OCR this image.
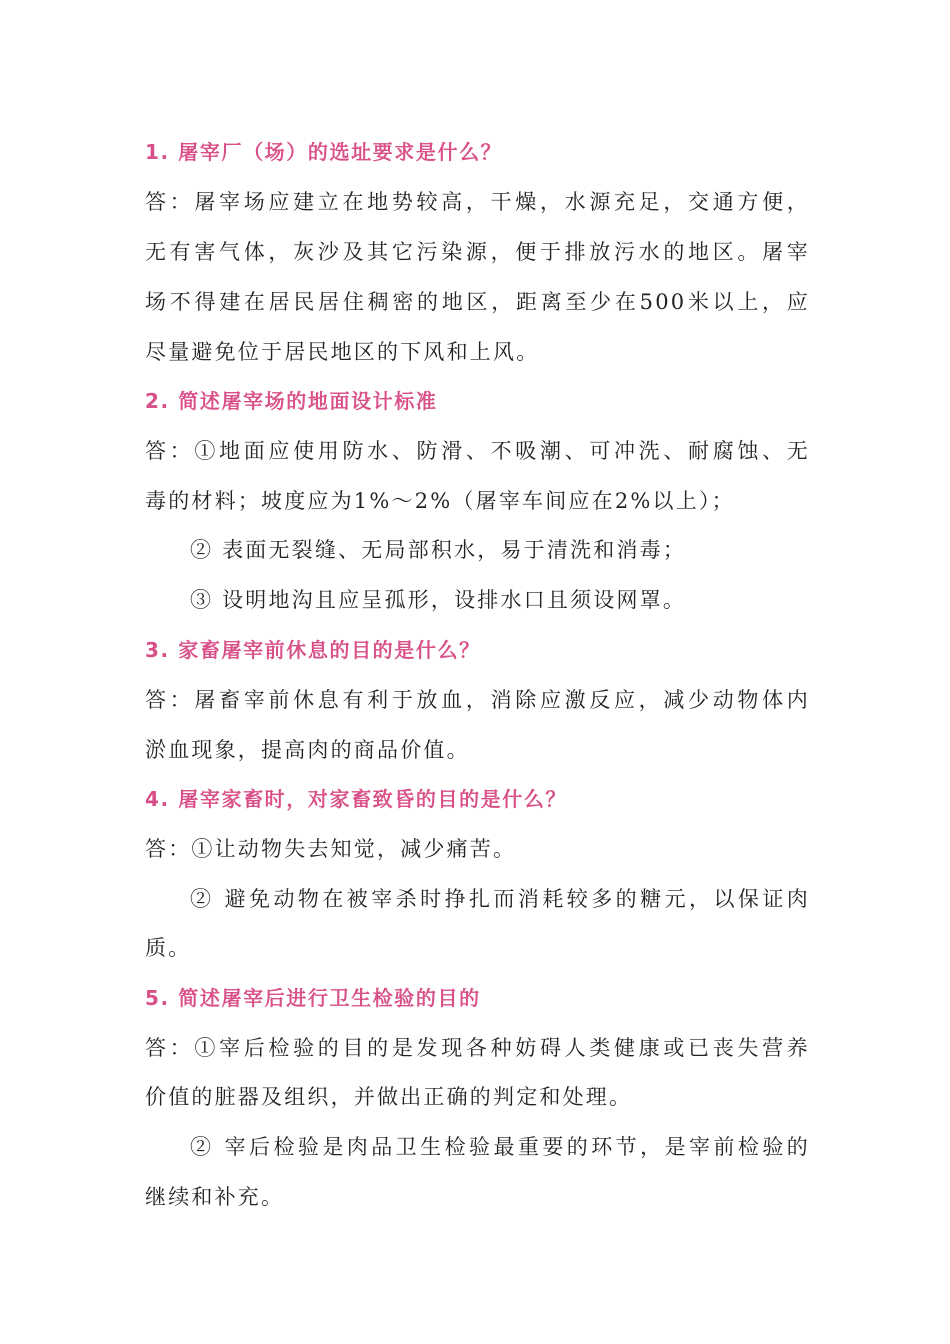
1. 屠宰厂（场）的选址要求是什么？
答：屠宰场应建立在地势较高，干燥，水源充足，交通方便，
无有害气体，灰沙及其它污染源，便于排放污水的地区。屠宰
场不得建在居民居住稠密的地区，距离至少在500米以上，应
尽量避免位于居民地区的下风和上风。
2. 简述屠宰场的地面设计标准
答：①地面应使用防水、防滑、不吸潮、可冲洗、耐腐蚀、无
毒的材料；坡度应为1%～2%（屠宰车间应在2%以上）；
② 表面无裂缝、无局部积水，易于清洗和消毒；
③ 设明地沟且应呈孤形，设排水口且须设网罩。
3. 家畜屠宰前休息的目的是什么？
答：屠畜宰前休息有利于放血，消除应激反应，减少动物体内
淤血现象，提高肉的商品价值。
4. 屠宰家畜时，对家畜致昏的目的是什么？
答：①让动物失去知觉，减少痛苦。
② 避免动物在被宰杀时挣扎而消耗较多的糖元，以保证肉
质。
5. 简述屠宰后进行卫生检验的目的
答：①宰后检验的目的是发现各种妨碍人类健康或已丧失营养
价值的脏器及组织，并做出正确的判定和处理。
② 宰后检验是肉品卫生检验最重要的环节，是宰前检验的
继续和补充。
